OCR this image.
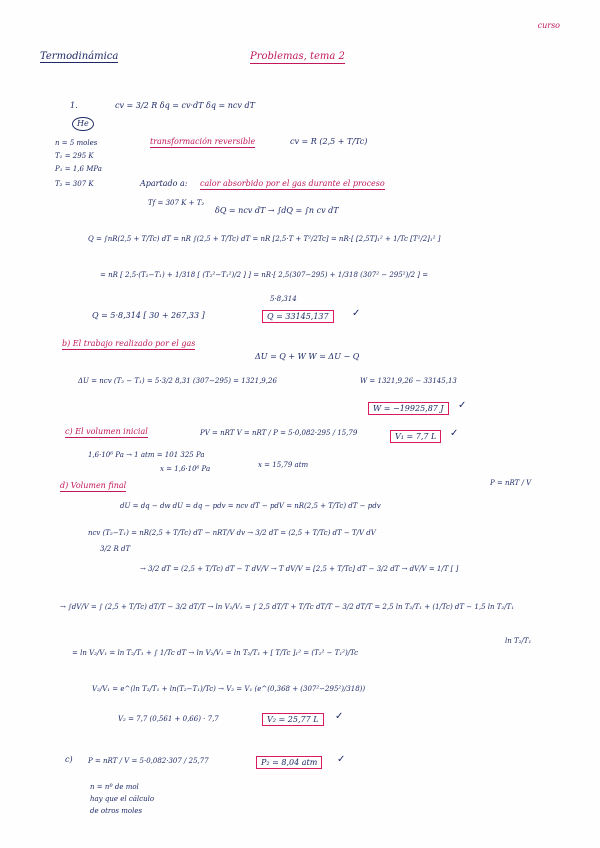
curso
Termodinámica	Problemas, tema 2
1.	cv = 3/2 R δq = cv·dT δq = ncv dT
He
n = 5 moles
T₁ = 295 K
P₁ = 1,6 MPa
T₂ = 307 K
transformación reversible	cv = R (2,5 + T/Tc)
Apartado a: calor absorbido por el gas durante el proceso
Tf = 307 K + T₂
δQ = ncv dT → ∫dQ = ∫n cv dT
Q = ∫nR(2,5 + T/Tc) dT = nR ∫(2,5 + T/Tc) dT = nR [2,5·T + T²/2Tc] = nR·[ [2,5T]₁² + 1/Tc [T²/2]₁² ]
= nR [ 2,5·(T₂−T₁) + 1/318 [ (T₂²−T₁²)/2 ] ] = nR·[ 2,5(307−295) + 1/318 (307² − 295²)/2 ] =
5·8,314
Q = 5·8,314 [ 30 + 267,33 ]	Q = 33145,137	✓
b) El trabajo realizado por el gas
ΔU = Q + W W = ΔU − Q
ΔU = ncv (T₂ − T₁) = 5·3/2 8,31 (307−295) = 1321,9,26	W = 1321,9,26 − 33145,13
W = −19925,87 J	✓
c) El volumen inicial	PV = nRT V = nRT / P = 5·0,082·295 / 15,79
1,6·10⁶ Pa → 1 atm = 101 325 Pa
x = 1,6·10⁶ Pa	x = 15,79 atm
V₁ = 7,7 L	✓
d) Volumen final	P = nRT / V
dU = dq − dw dU = dq − pdv = ncv dT − pdV = nR(2,5 + T/Tc) dT − pdv
ncv (T₂−T₁) = nR(2,5 + T/Tc) dT − nRT/V dv → 3/2 dT = (2,5 + T/Tc) dT − T/V dV
3/2 R dT
→ 3/2 dT = (2,5 + T/Tc) dT − T dV/V → T dV/V = [2,5 + T/Tc] dT − 3/2 dT → dV/V = 1/T [ ]
→ ∫dV/V = ∫ (2,5 + T/Tc) dT/T − 3/2 dT/T → ln V₂/V₁ = ∫ 2,5 dT/T + T/Tc dT/T − 3/2 dT/T = 2,5 ln T₂/T₁ + (1/Tc) dT − 1,5 ln T₂/T₁
ln T₂/T₁
= ln V₂/V₁ = ln T₂/T₁ + ∫ 1/Tc dT → ln V₂/V₁ = ln T₂/T₁ + [ T/Tc ]₁² = (T₂² − T₁²)/Tc
V₂/V₁ = e^(ln T₂/T₁ + ln(T₂−T₁)/Tc) → V₂ = V₁ (e^(0,368 + (307²−295²)/318))
V₂ = 7,7 (0,561 + 0,66) · 7,7	V₂ = 25,77 L	✓
c) P = nRT / V = 5·0,082·307 / 25,77	P₂ = 8,04 atm	✓
n = nº de mol
hay que el cálculo
de otros moles
